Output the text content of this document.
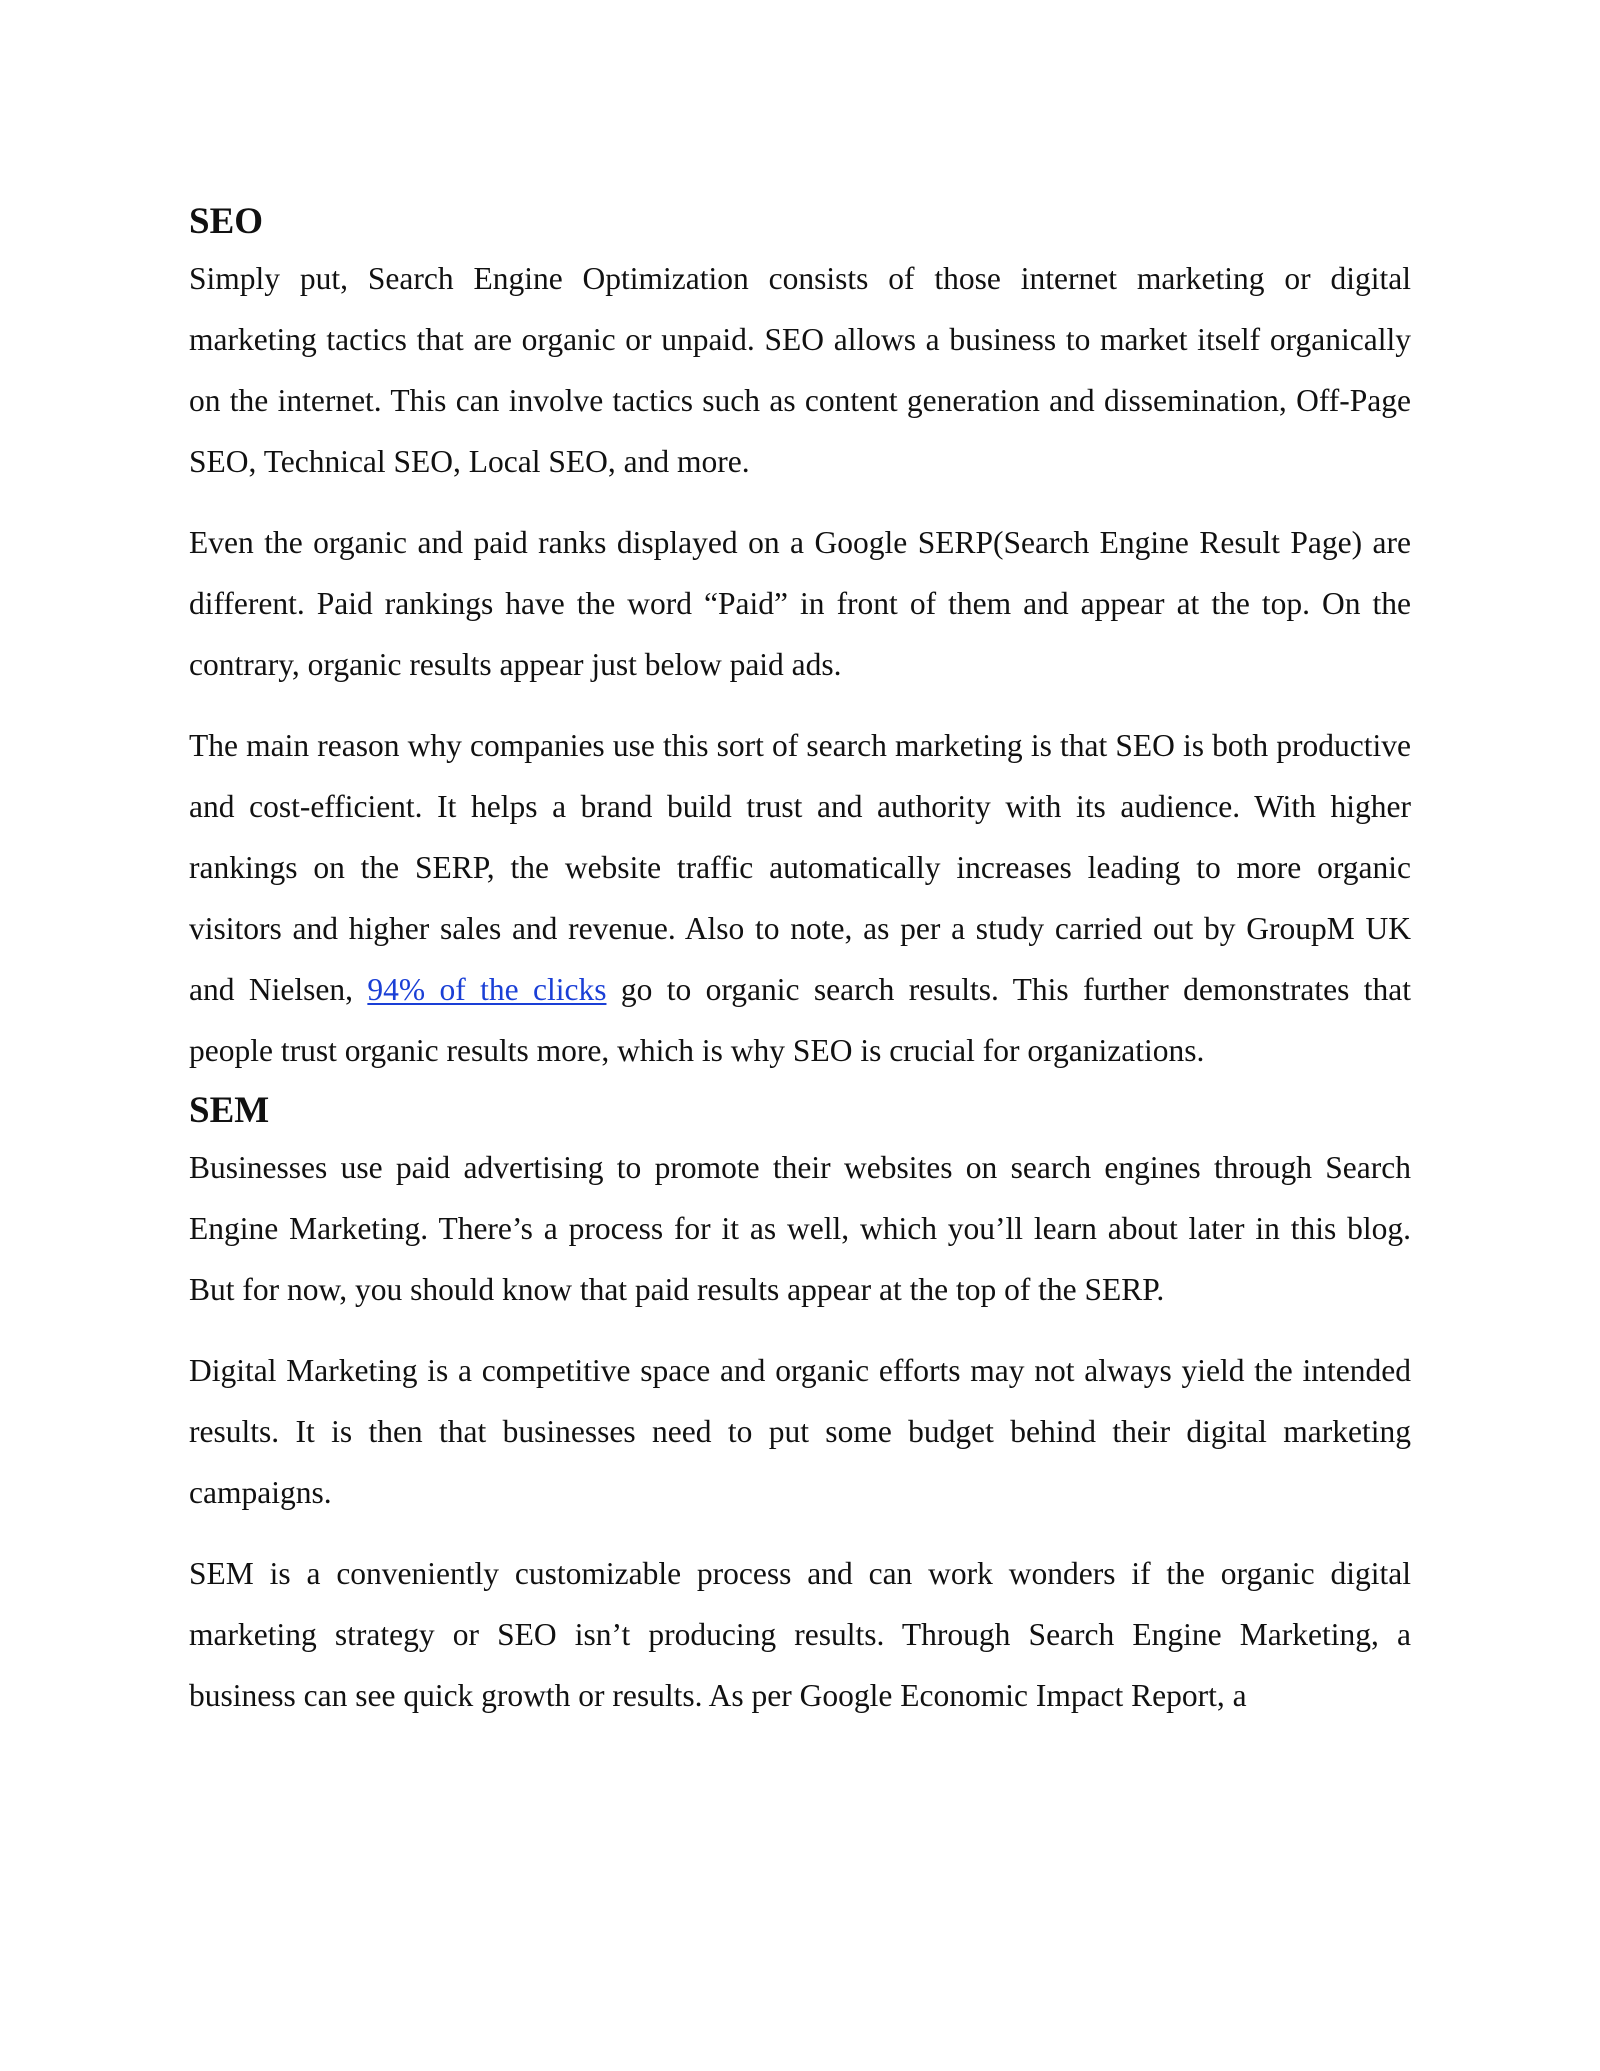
SEO

Simply put, Search Engine Optimization consists of those internet marketing or digital marketing tactics that are organic or unpaid. SEO allows a business to market itself organically on the internet. This can involve tactics such as content generation and dissemination, Off-Page SEO, Technical SEO, Local SEO, and more.

Even the organic and paid ranks displayed on a Google SERP(Search Engine Result Page) are different. Paid rankings have the word “Paid” in front of them and appear at the top. On the contrary, organic results appear just below paid ads.

The main reason why companies use this sort of search marketing is that SEO is both productive and cost-efficient. It helps a brand build trust and authority with its audience. With higher rankings on the SERP, the website traffic automatically increases leading to more organic visitors and higher sales and revenue. Also to note, as per a study carried out by GroupM UK and Nielsen, 94% of the clicks go to organic search results. This further demonstrates that people trust organic results more, which is why SEO is crucial for organizations.

SEM

Businesses use paid advertising to promote their websites on search engines through Search Engine Marketing. There’s a process for it as well, which you’ll learn about later in this blog. But for now, you should know that paid results appear at the top of the SERP.

Digital Marketing is a competitive space and organic efforts may not always yield the intended results. It is then that businesses need to put some budget behind their digital marketing campaigns.

SEM is a conveniently customizable process and can work wonders if the organic digital marketing strategy or SEO isn’t producing results. Through Search Engine Marketing, a business can see quick growth or results. As per Google Economic Impact Report, a
